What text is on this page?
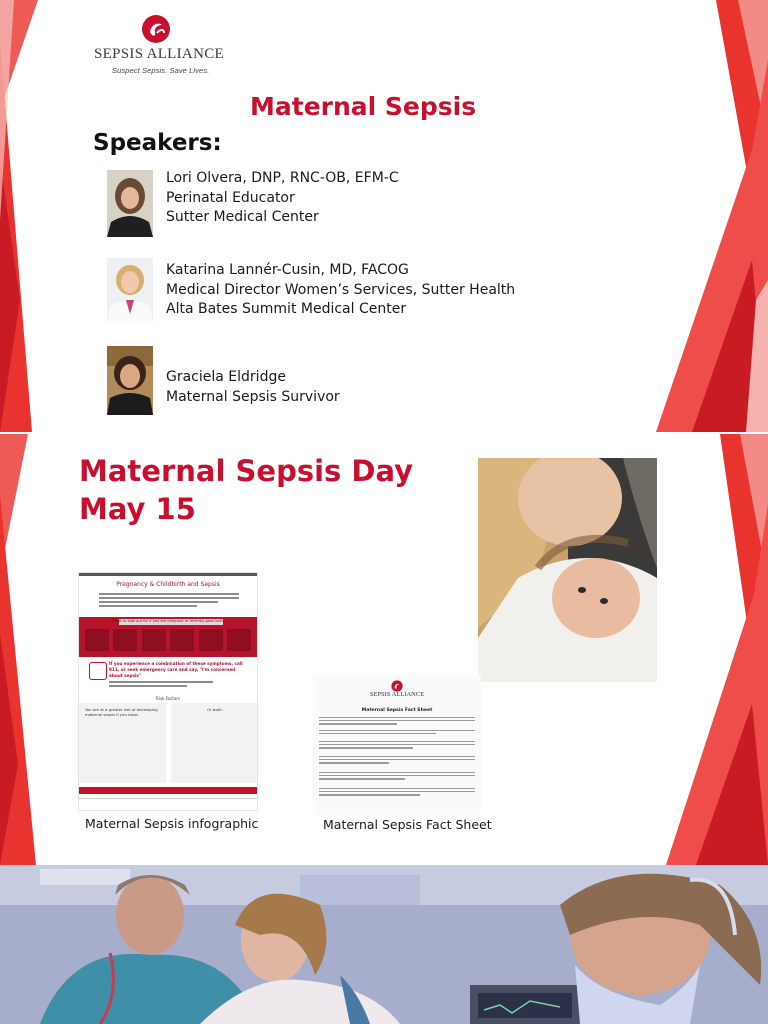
SEPSIS ALLIANCE
Suspect Sepsis. Save Lives.
Maternal Sepsis
Speakers:
Lori Olvera, DNP, RNC-OB, EFM-C
Perinatal Educator
Sutter Medical Center
Katarina Lannér-Cusin, MD, FACOG
Medical Director Women’s Services, Sutter Health
Alta Bates Summit Medical Center
Graciela Eldridge
Maternal Sepsis Survivor
Maternal Sepsis Day
May 15
Pregnancy & Childbirth and Sepsis
What to look out for if you are pregnant or recently gave birth
If you experience a combination of these symptoms, call 911, or seek emergency care and say, "I'm concerned about sepsis"
Risk Factors
You are at a greater risk of developing maternal sepsis if you have:
Or both:
Maternal Sepsis infographic
SEPSIS ALLIANCE
Maternal Sepsis Fact Sheet
Maternal Sepsis Fact Sheet
